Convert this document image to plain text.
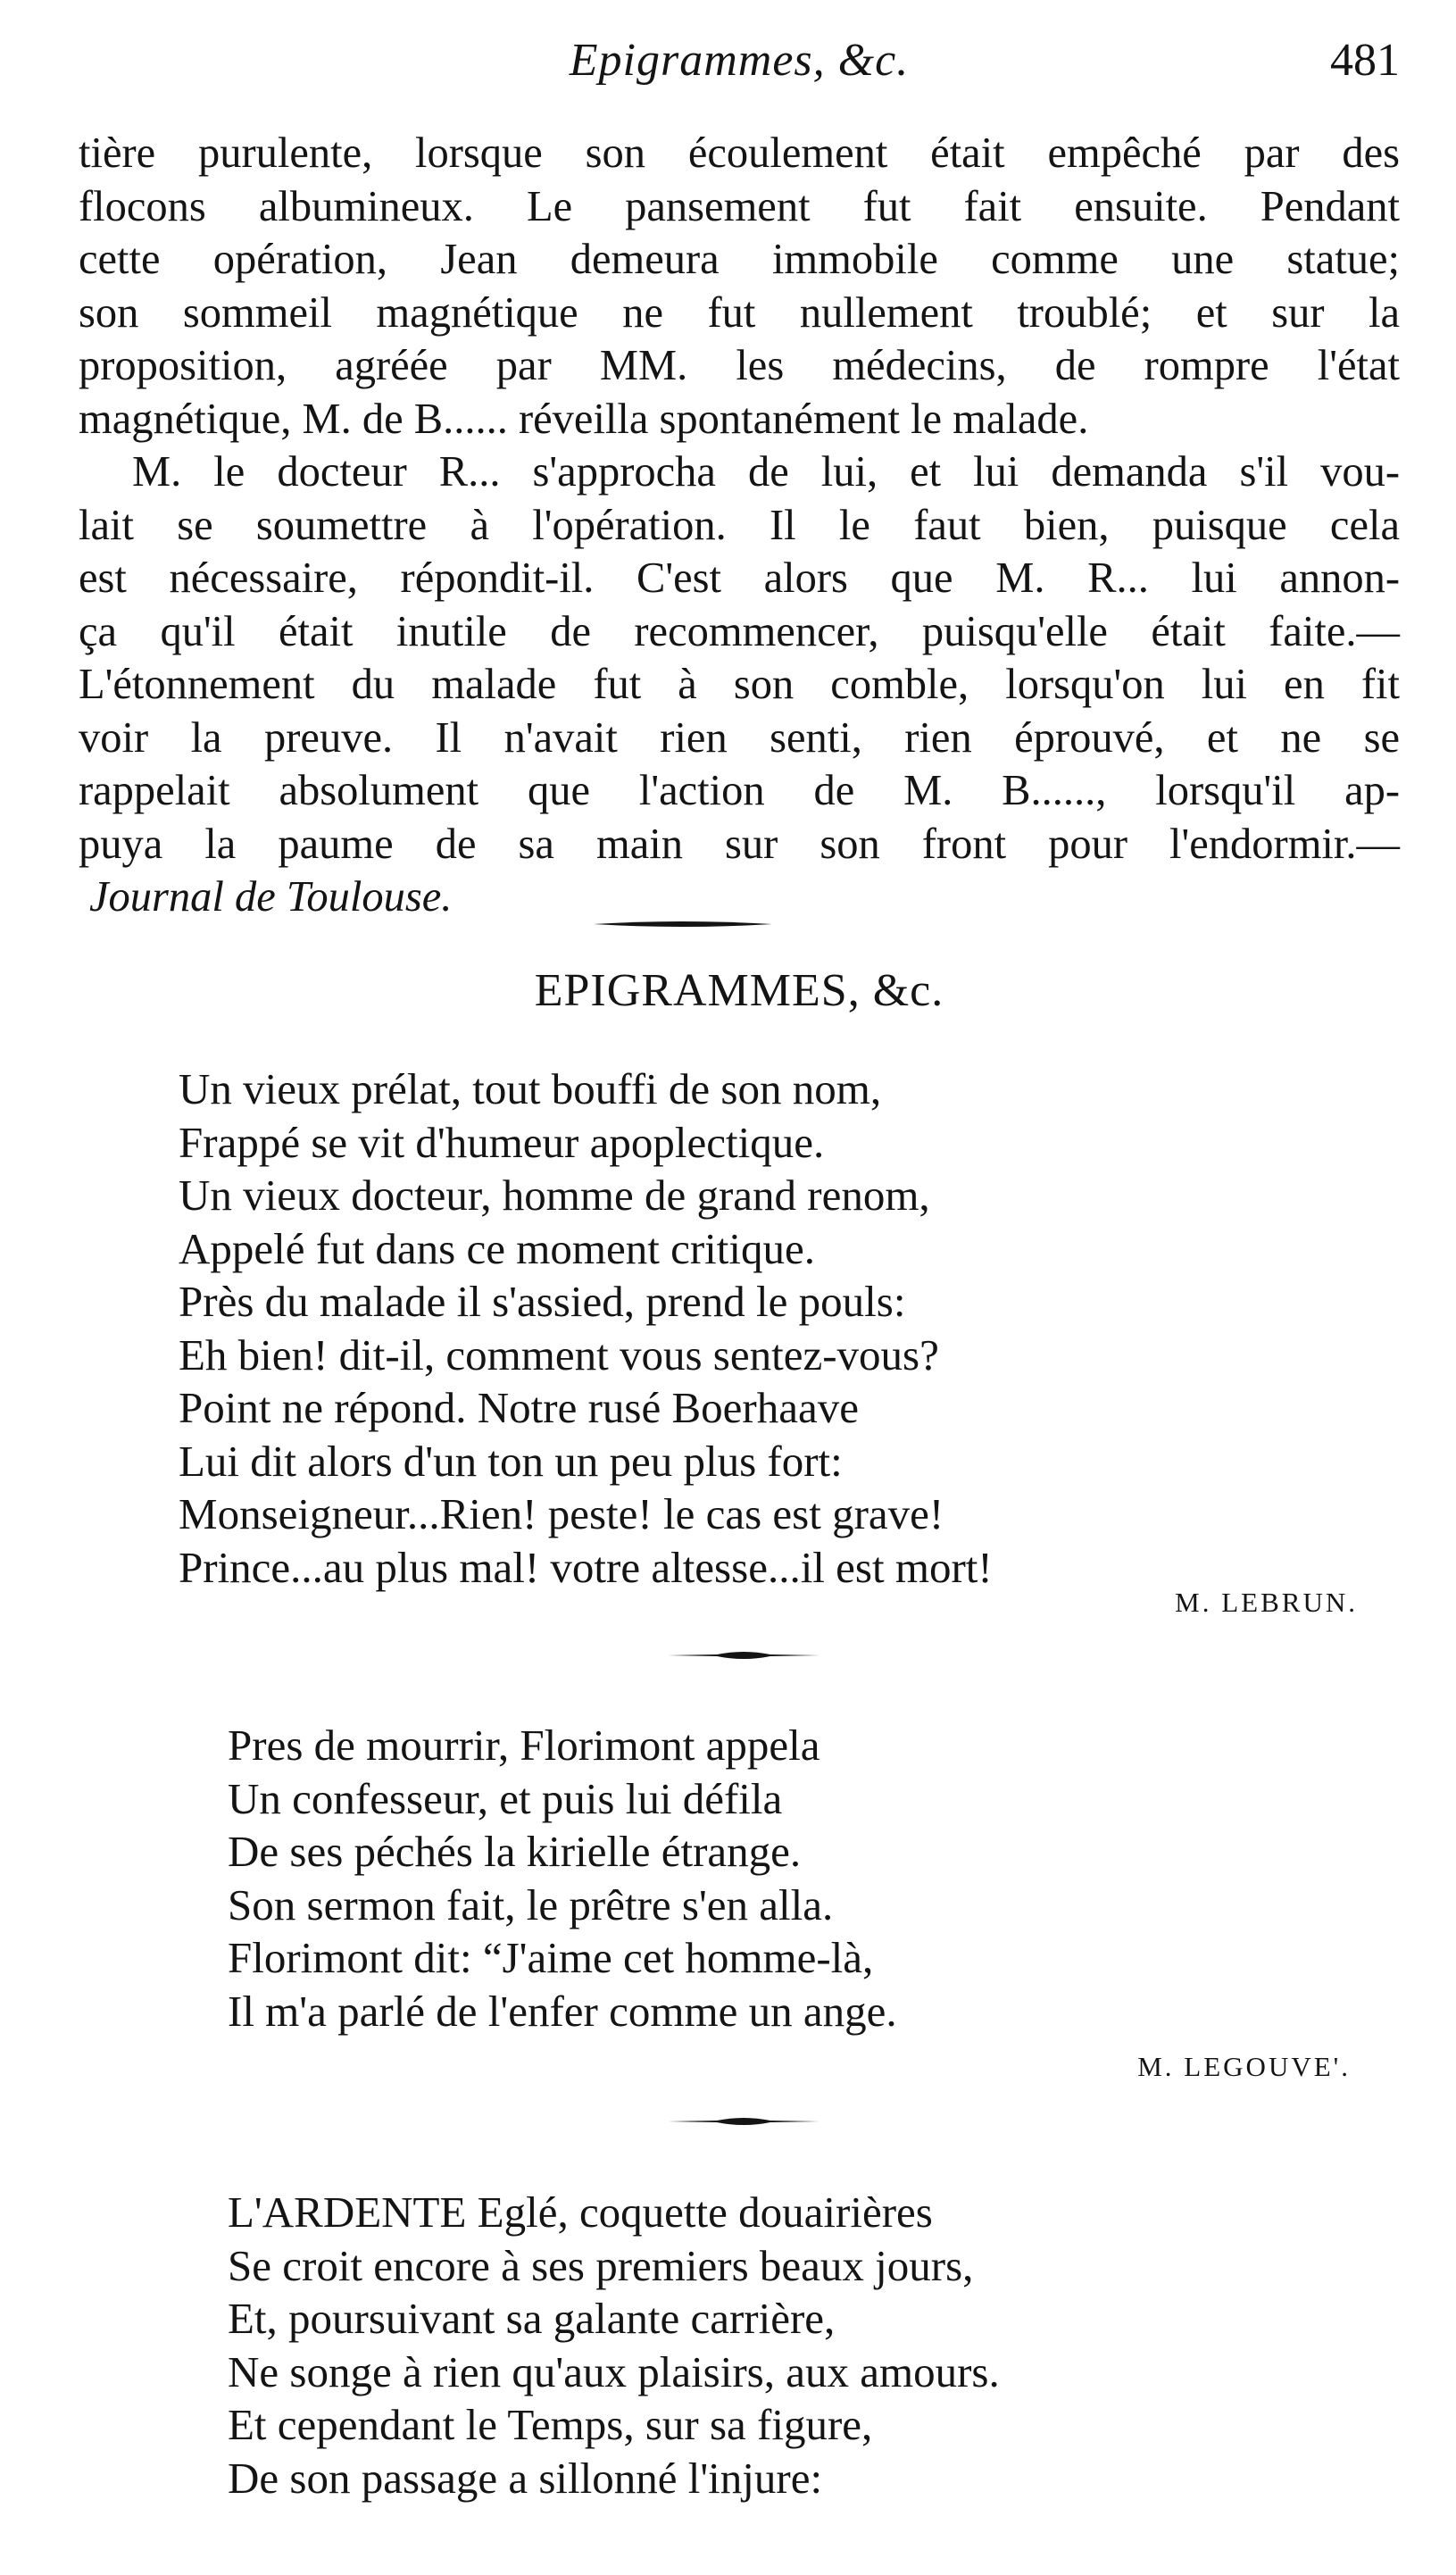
Epigrammes, &c.	481
tière purulente, lorsque son écoulement était empêché par des
flocons albumineux. Le pansement fut fait ensuite. Pendant
cette opération, Jean demeura immobile comme une statue;
son sommeil magnétique ne fut nullement troublé; et sur la
proposition, agréée par MM. les médecins, de rompre l'état
magnétique, M. de B...... réveilla spontanément le malade.
M. le docteur R... s'approcha de lui, et lui demanda s'il vou-
lait se soumettre à l'opération. Il le faut bien, puisque cela
est nécessaire, répondit-il. C'est alors que M. R... lui annon-
ça qu'il était inutile de recommencer, puisqu'elle était faite.—
L'étonnement du malade fut à son comble, lorsqu'on lui en fit
voir la preuve. Il n'avait rien senti, rien éprouvé, et ne se
rappelait absolument que l'action de M. B......, lorsqu'il ap-
puya la paume de sa main sur son front pour l'endormir.—
Journal de Toulouse.
EPIGRAMMES, &c.
Un vieux prélat, tout bouffi de son nom,
Frappé se vit d'humeur apoplectique.
Un vieux docteur, homme de grand renom,
Appelé fut dans ce moment critique.
Près du malade il s'assied, prend le pouls:
Eh bien! dit-il, comment vous sentez-vous?
Point ne répond. Notre rusé Boerhaave
Lui dit alors d'un ton un peu plus fort:
Monseigneur...Rien! peste! le cas est grave!
Prince...au plus mal! votre altesse...il est mort!
M. LEBRUN.
Pres de mourrir, Florimont appela
Un confesseur, et puis lui défila
De ses péchés la kirielle étrange.
Son sermon fait, le prêtre s'en alla.
Florimont dit: “J'aime cet homme-là,
Il m'a parlé de l'enfer comme un ange.
M. LEGOUVE'.
L'ARDENTE Eglé, coquette douairières
Se croit encore à ses premiers beaux jours,
Et, poursuivant sa galante carrière,
Ne songe à rien qu'aux plaisirs, aux amours.
Et cependant le Temps, sur sa figure,
De son passage a sillonné l'injure:
